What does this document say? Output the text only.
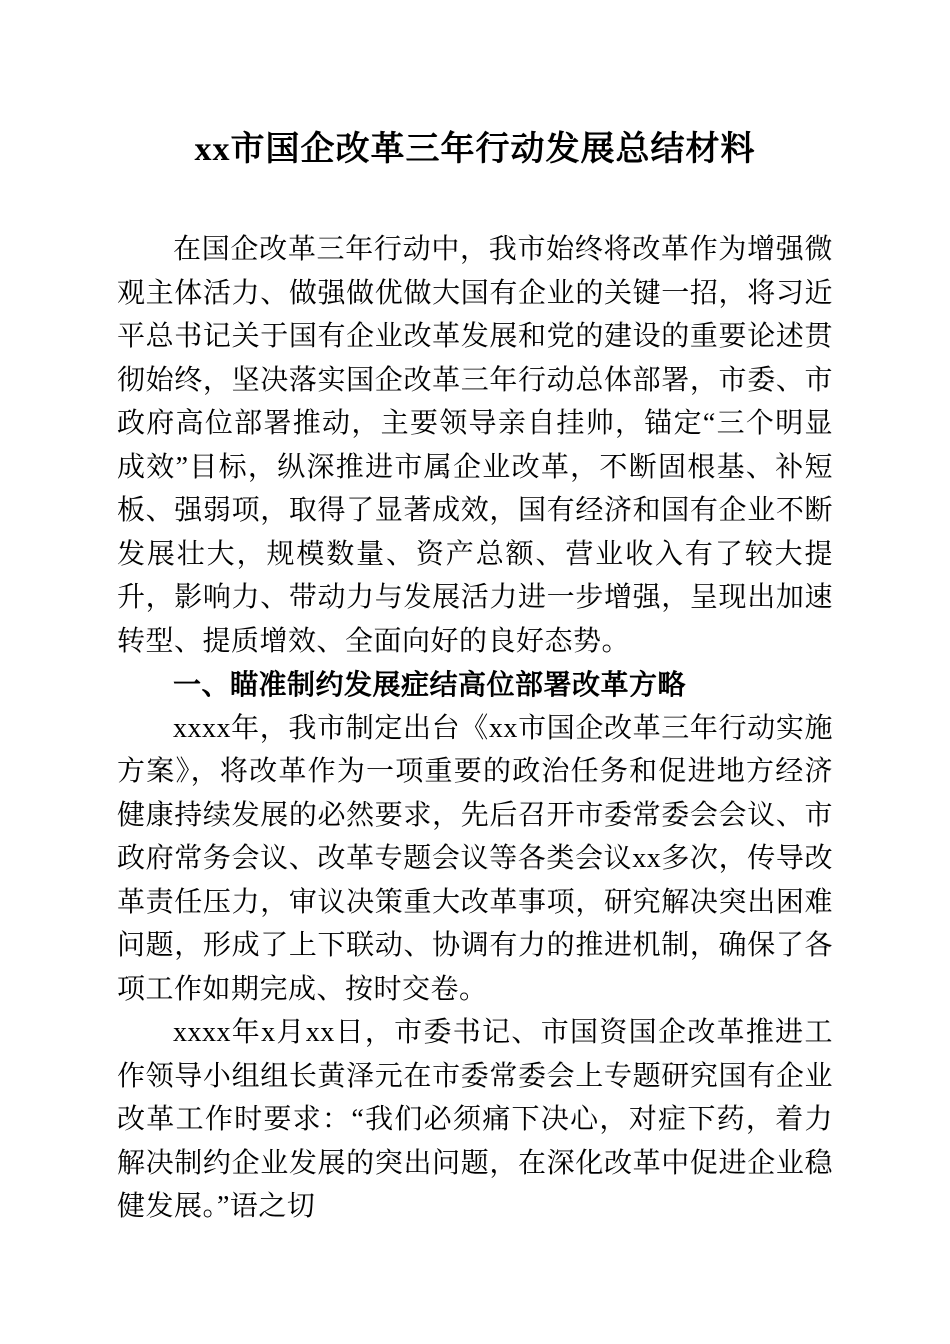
xx市国企改革三年行动发展总结材料

在国企改革三年行动中，我市始终将改革作为增强微观主体活力、做强做优做大国有企业的关键一招，将习近平总书记关于国有企业改革发展和党的建设的重要论述贯彻始终，坚决落实国企改革三年行动总体部署，市委、市政府高位部署推动，主要领导亲自挂帅，锚定“三个明显成效”目标，纵深推进市属企业改革，不断固根基、补短板、强弱项，取得了显著成效，国有经济和国有企业不断发展壮大，规模数量、资产总额、营业收入有了较大提升，影响力、带动力与发展活力进一步增强，呈现出加速转型、提质增效、全面向好的良好态势。

一、瞄准制约发展症结高位部署改革方略

xxxx年，我市制定出台《xx市国企改革三年行动实施方案》，将改革作为一项重要的政治任务和促进地方经济健康持续发展的必然要求，先后召开市委常委会会议、市政府常务会议、改革专题会议等各类会议xx多次，传导改革责任压力，审议决策重大改革事项，研究解决突出困难问题，形成了上下联动、协调有力的推进机制，确保了各项工作如期完成、按时交卷。

xxxx年x月xx日，市委书记、市国资国企改革推进工作领导小组组长黄泽元在市委常委会上专题研究国有企业改革工作时要求：“我们必须痛下决心，对症下药，着力解决制约企业发展的突出问题，在深化改革中促进企业稳健发展。”语之切
